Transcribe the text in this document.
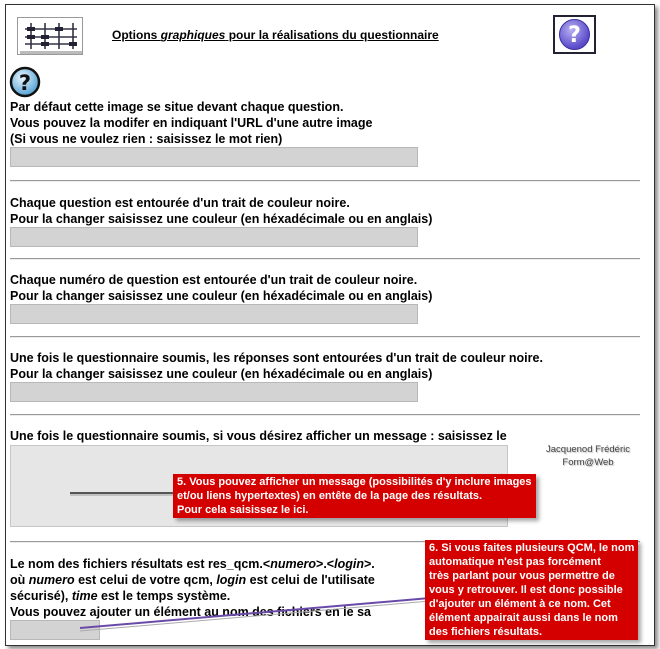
Options graphiques pour la réalisations du questionnaire	?
?
Par défaut cette image se situe devant chaque question.
Vous pouvez la modifer en indiquant l'URL d'une autre image
(Si vous ne voulez rien : saisissez le mot rien)
Chaque question est entourée d'un trait de couleur noire.
Pour la changer saisissez une couleur (en héxadécimale ou en anglais)
Chaque numéro de question est entourée d'un trait de couleur noire.
Pour la changer saisissez une couleur (en héxadécimale ou en anglais)
Une fois le questionnaire soumis, les réponses sont entourées d'un trait de couleur noire.
Pour la changer saisissez une couleur (en héxadécimale ou en anglais)
Une fois le questionnaire soumis, si vous désirez afficher un message : saisissez le
Jacquenod Frédéric
Form@Web
Le nom des fichiers résultats est res_qcm.<numero>.<login>.
où numero est celui de votre qcm, login est celui de l'utilisate
sécurisé), time est le temps système.
Vous pouvez ajouter un élément au nom des fichiers en le sa
5. Vous pouvez afficher un message (possibilités d'y inclure images
et/ou liens hypertextes) en entête de la page des résultats.
Pour cela saisissez le ici.
6. Si vous faites plusieurs QCM, le nom
automatique n'est pas forcément
très parlant pour vous permettre de
vous y retrouver. Il est donc possible
d'ajouter un élément à ce nom. Cet
élément appairait aussi dans le nom
des fichiers résultats.
